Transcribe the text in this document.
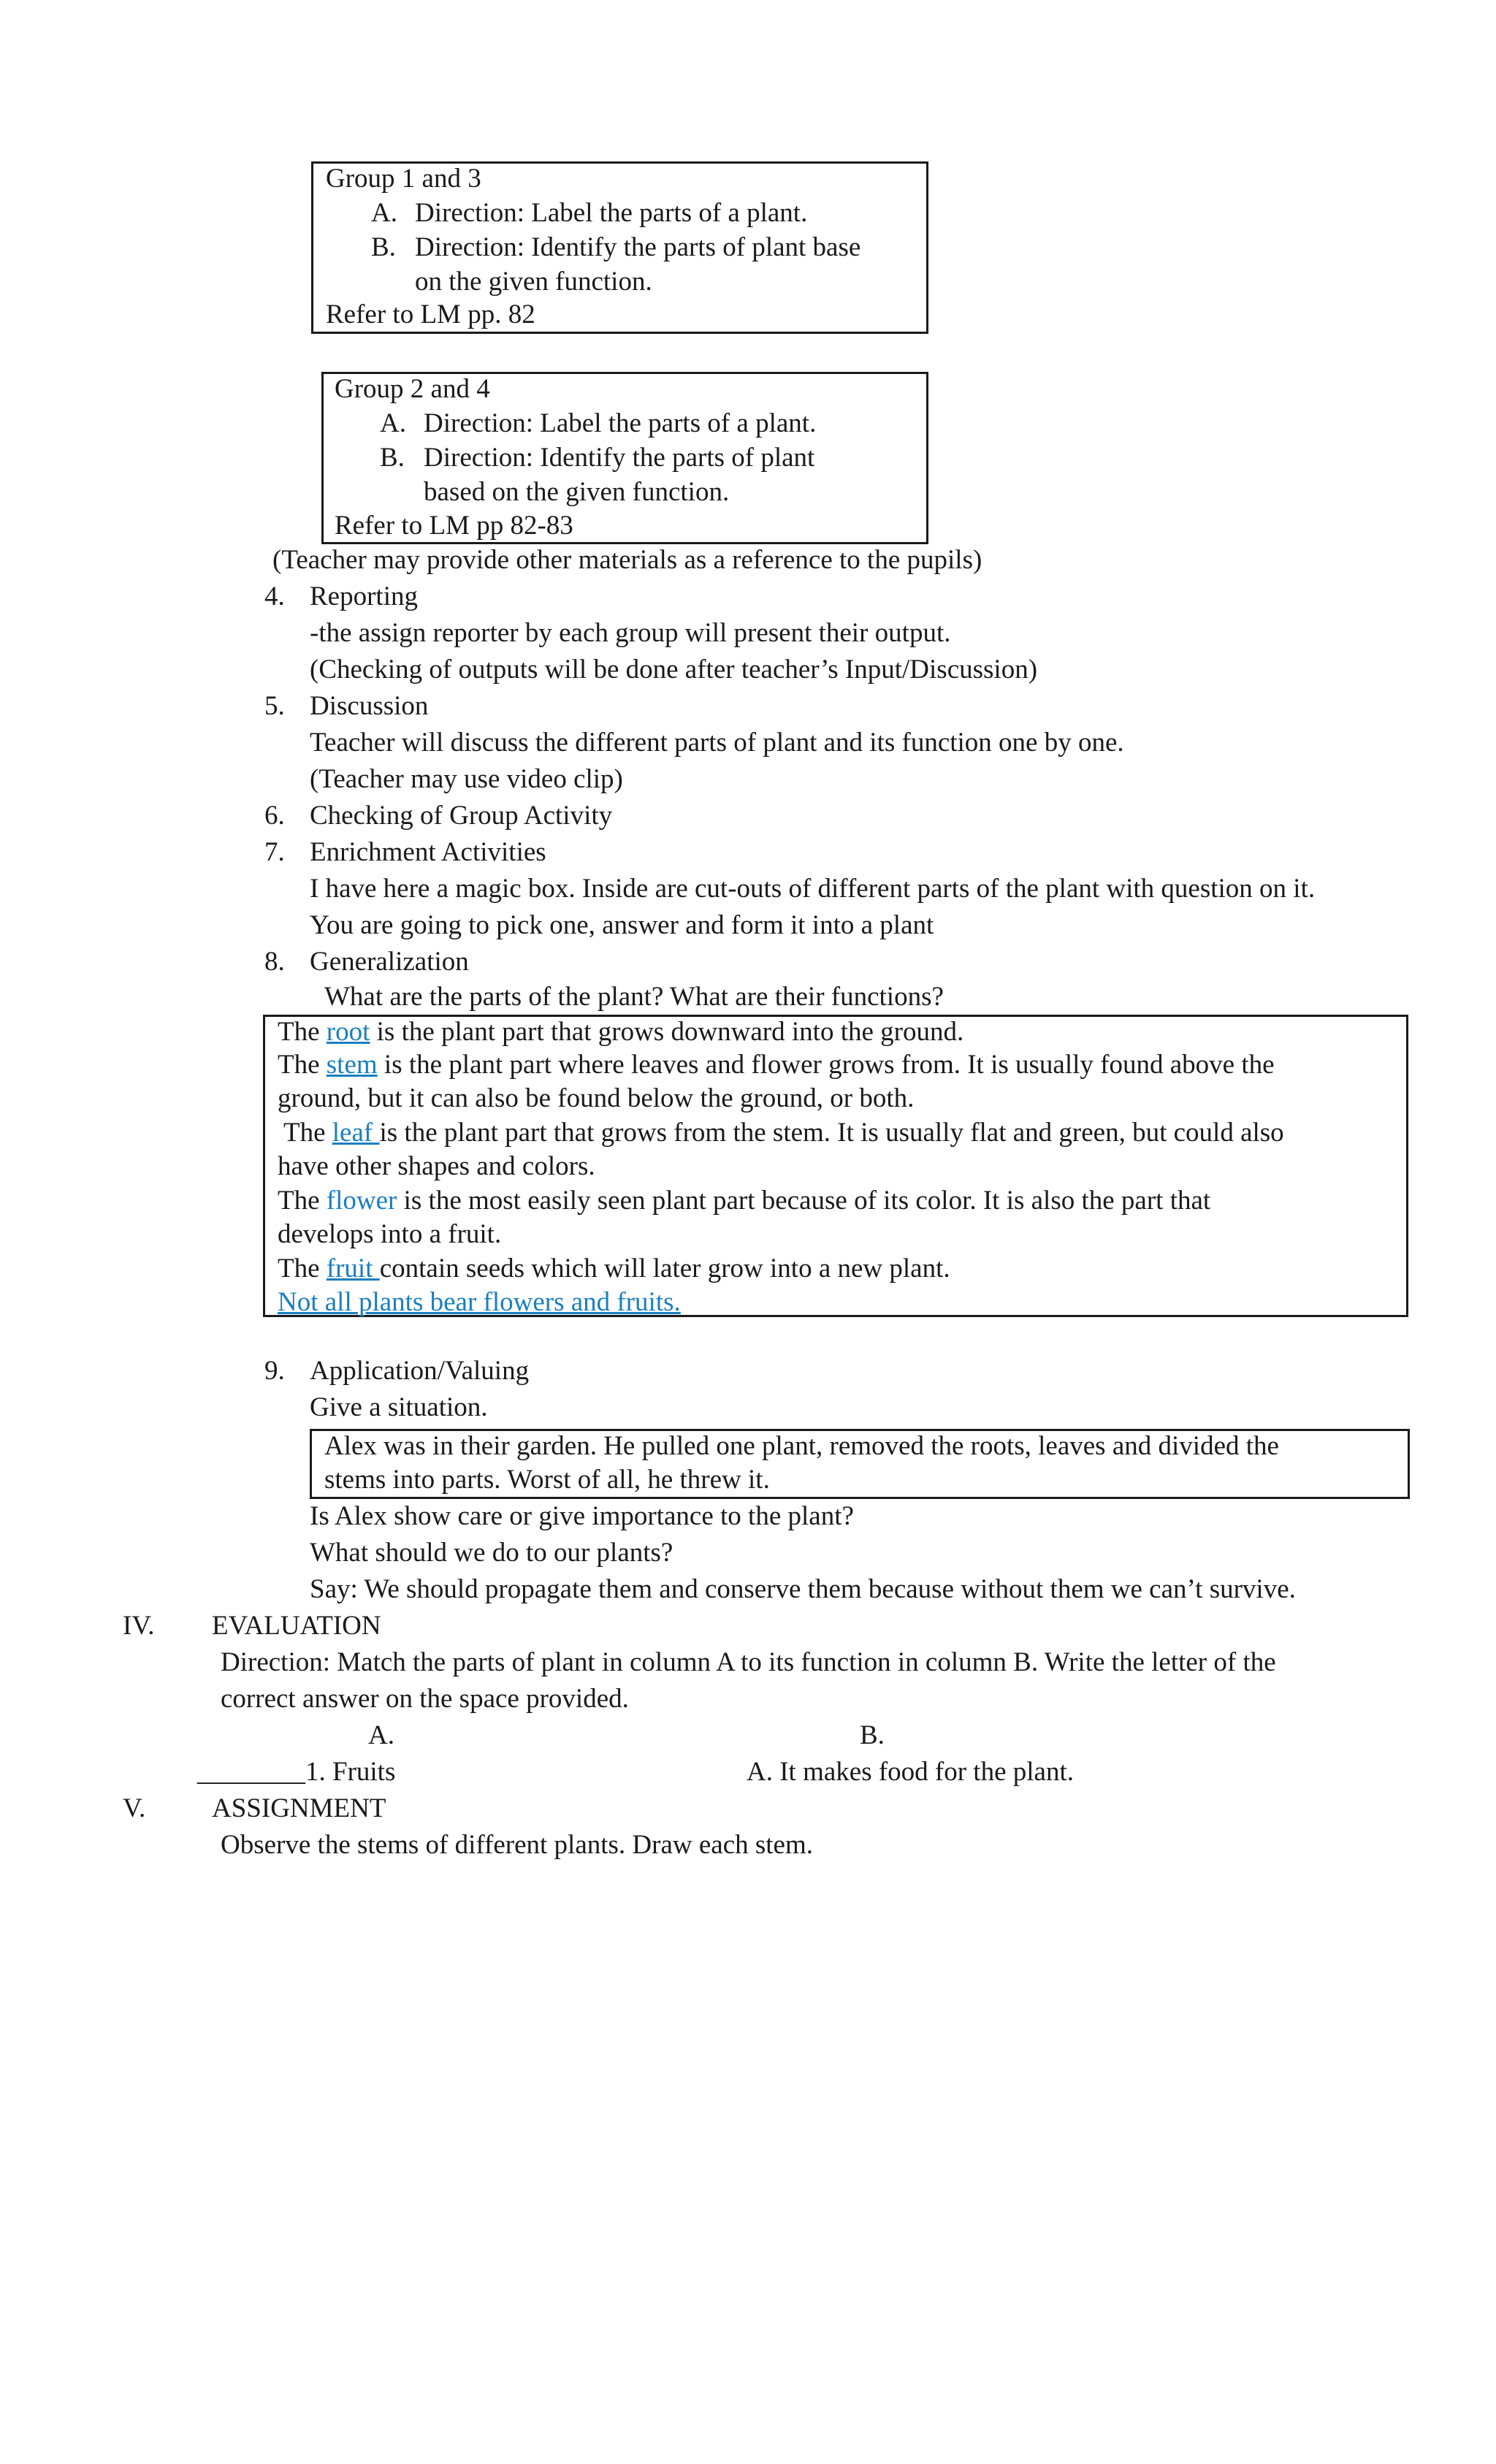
Group 1 and 3
A. Direction: Label the parts of a plant.
B. Direction: Identify the parts of plant base
on the given function.
Refer to LM pp. 82
Group 2 and 4
A. Direction: Label the parts of a plant.
B. Direction: Identify the parts of plant
based on the given function.
Refer to LM pp 82-83
(Teacher may provide other materials as a reference to the pupils)
4. Reporting
-the assign reporter by each group will present their output.
(Checking of outputs will be done after teacher’s Input/Discussion)
5. Discussion
Teacher will discuss the different parts of plant and its function one by one.
(Teacher may use video clip)
6. Checking of Group Activity
7. Enrichment Activities
I have here a magic box. Inside are cut-outs of different parts of the plant with question on it.
You are going to pick one, answer and form it into a plant
8. Generalization
What are the parts of the plant? What are their functions?
The root is the plant part that grows downward into the ground.
The stem is the plant part where leaves and flower grows from. It is usually found above the
ground, but it can also be found below the ground, or both.
The leaf is the plant part that grows from the stem. It is usually flat and green, but could also
have other shapes and colors.
The flower is the most easily seen plant part because of its color. It is also the part that
develops into a fruit.
The fruit contain seeds which will later grow into a new plant.
Not all plants bear flowers and fruits.
9. Application/Valuing
Give a situation.
Alex was in their garden. He pulled one plant, removed the roots, leaves and divided the
stems into parts. Worst of all, he threw it.
Is Alex show care or give importance to the plant?
What should we do to our plants?
Say: We should propagate them and conserve them because without them we can’t survive.
IV. EVALUATION
Direction: Match the parts of plant in column A to its function in column B. Write the letter of the
correct answer on the space provided.
A.	B.
________1. Fruits	A. It makes food for the plant.
V. ASSIGNMENT
Observe the stems of different plants. Draw each stem.
